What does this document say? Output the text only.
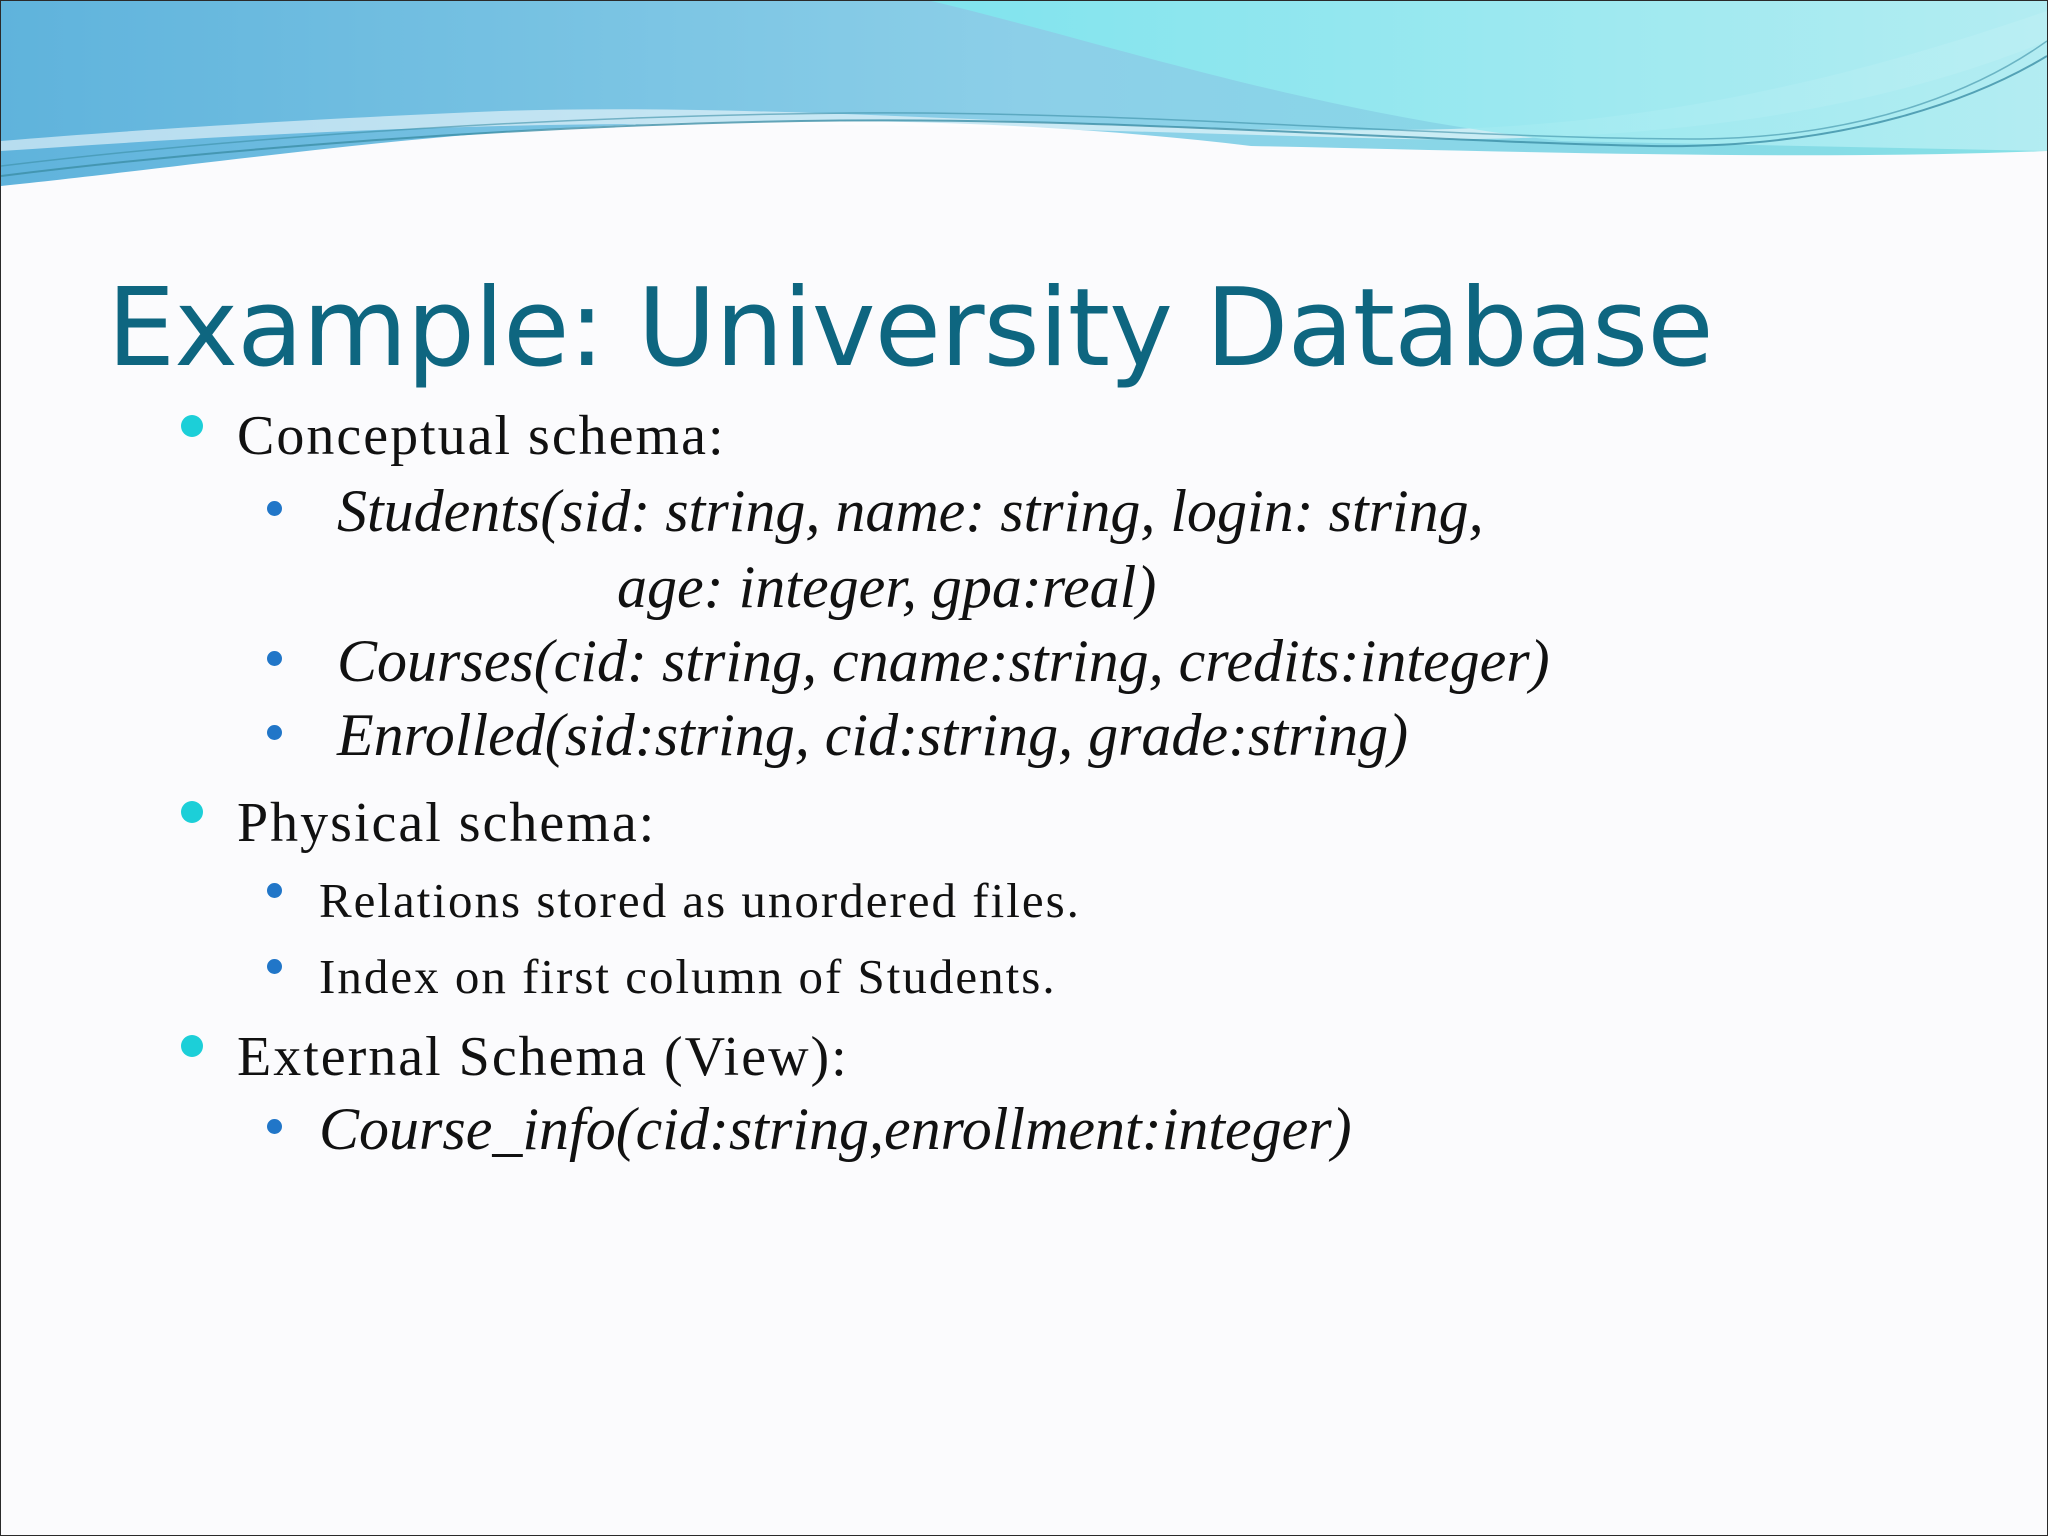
Example: University Database
Conceptual schema:
Students(sid: string, name: string, login: string,
age: integer, gpa:real)
Courses(cid: string, cname:string, credits:integer)
Enrolled(sid:string, cid:string, grade:string)
Physical schema:
Relations stored as unordered files.
Index on first column of Students.
External Schema (View):
Course_info(cid:string,enrollment:integer)
